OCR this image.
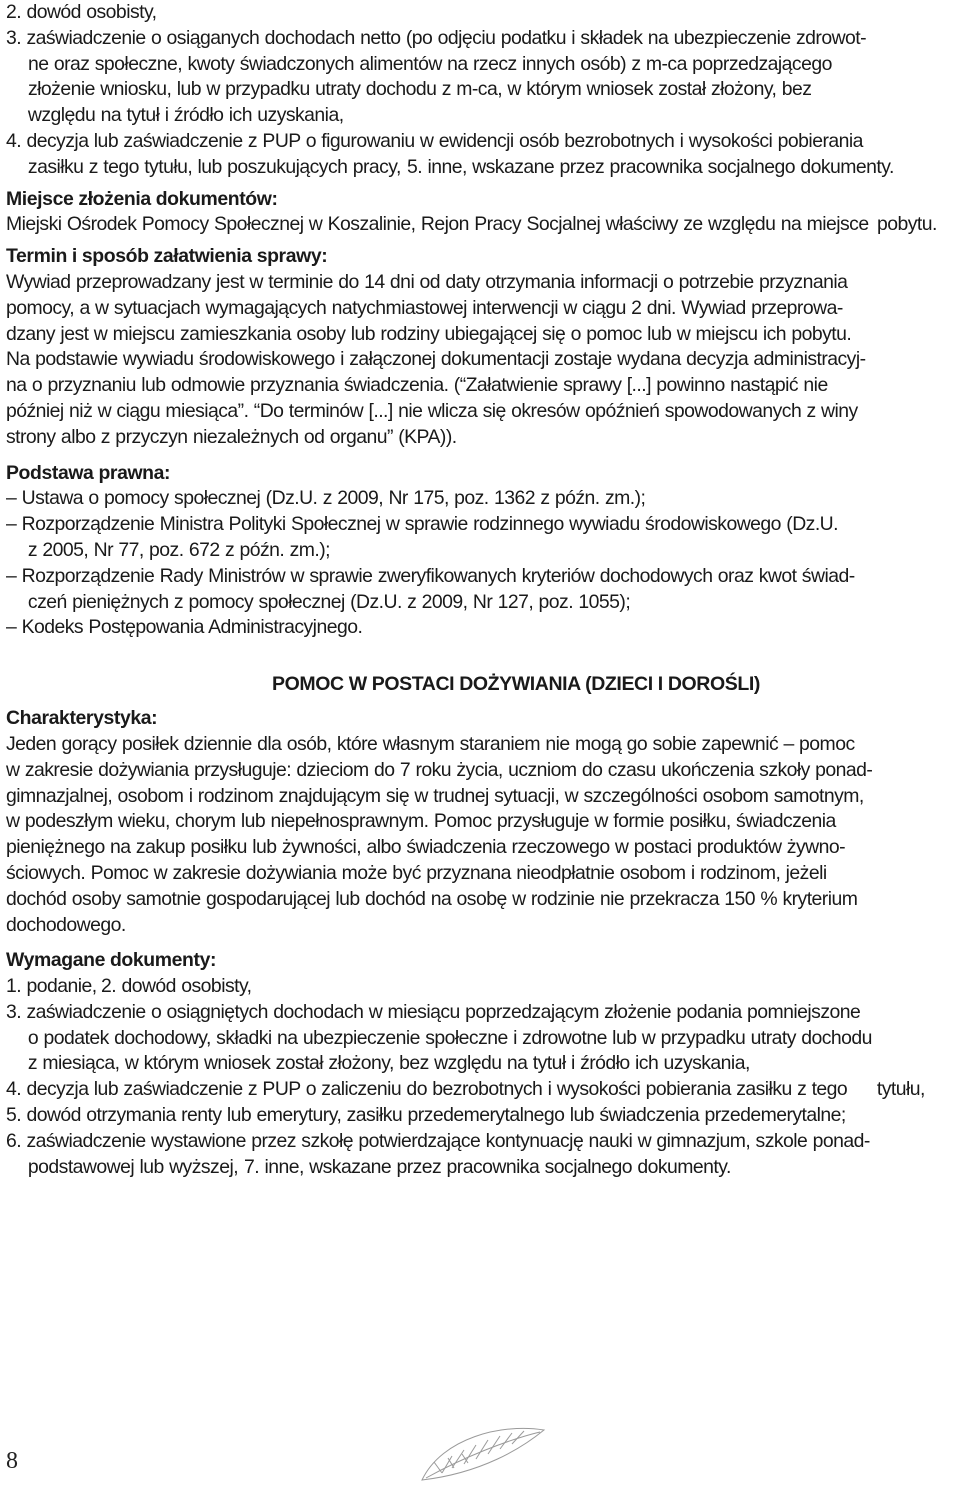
2. dowód osobisty,
3. zaświadczenie o osiąganych dochodach netto (po odjęciu podatku i składek na ubezpieczenie zdrowot-
ne oraz społeczne, kwoty świadczonych alimentów na rzecz innych osób) z m-ca poprzedzającego
złożenie wniosku, lub w przypadku utraty dochodu z m-ca, w którym wniosek został złożony, bez
względu na tytuł i źródło ich uzyskania,
4. decyzja lub zaświadczenie z PUP o figurowaniu w ewidencji osób bezrobotnych i wysokości pobierania
zasiłku z tego tytułu, lub poszukujących pracy, 5. inne, wskazane przez pracownika socjalnego dokumenty.
Miejsce złożenia dokumentów: Miejski Ośrodek Pomocy Społecznej w Koszalinie, Rejon Pracy Socjalnej właściwy ze względu na miejsce pobytu.
Termin i sposób załatwienia sprawy:
Wywiad przeprowadzany jest w terminie do 14 dni od daty otrzymania informacji o potrzebie przyznania pomocy, a w sytuacjach wymagających natychmiastowej interwencji w ciągu 2 dni. Wywiad przeprowa- dzany jest w miejscu zamieszkania osoby lub rodziny ubiegającej się o pomoc lub w miejscu ich pobytu. Na podstawie wywiadu środowiskowego i załączonej dokumentacji zostaje wydana decyzja administracyj- na o przyznaniu lub odmowie przyznania świadczenia. (“Załatwienie sprawy [...] powinno nastąpić nie później niż w ciągu miesiąca”. “Do terminów [...] nie wlicza się okresów opóźnień spowodowanych z winy strony albo z przyczyn niezależnych od organu” (KPA)).
Podstawa prawna:
– Ustawa o pomocy społecznej (Dz.U. z 2009, Nr 175, poz. 1362 z późn. zm.); – Rozporządzenie Ministra Polityki Społecznej w sprawie rodzinnego wywiadu środowiskowego (Dz.U. z 2005, Nr 77, poz. 672 z późn. zm.); – Rozporządzenie Rady Ministrów w sprawie zweryfikowanych kryteriów dochodowych oraz kwot świad- czeń pieniężnych z pomocy społecznej (Dz.U. z 2009, Nr 127, poz. 1055); – Kodeks Postępowania Administracyjnego.
POMOC W POSTACI DOŻYWIANIA (DZIECI I DOROŚLI)
Charakterystyka:
Jeden gorący posiłek dziennie dla osób, które własnym staraniem nie mogą go sobie zapewnić – pomoc w zakresie dożywiania przysługuje: dzieciom do 7 roku życia, uczniom do czasu ukończenia szkoły ponad- gimnazjalnej, osobom i rodzinom znajdującym się w trudnej sytuacji, w szczególności osobom samotnym, w podeszłym wieku, chorym lub niepełnosprawnym. Pomoc przysługuje w formie posiłku, świadczenia pieniężnego na zakup posiłku lub żywności, albo świadczenia rzeczowego w postaci produktów żywno- ściowych. Pomoc w zakresie dożywiania może być przyznana nieodpłatnie osobom i rodzinom, jeżeli dochód osoby samotnie gospodarującej lub dochód na osobę w rodzinie nie przekracza 150 % kryterium dochodowego.
Wymagane dokumenty:
1. podanie, 2. dowód osobisty, 3. zaświadczenie o osiągniętych dochodach w miesiącu poprzedzającym złożenie podania pomniejszone o podatek dochodowy, składki na ubezpieczenie społeczne i zdrowotne lub w przypadku utraty dochodu z miesiąca, w którym wniosek został złożony, bez względu na tytuł i źródło ich uzyskania, 4. decyzja lub zaświadczenie z PUP o zaliczeniu do bezrobotnych i wysokości pobierania zasiłku z tego tytułu, 5. dowód otrzymania renty lub emerytury, zasiłku przedemerytalnego lub świadczenia przedemerytalne; 6. zaświadczenie wystawione przez szkołę potwierdzające kontynuację nauki w gimnazjum, szkole ponad- podstawowej lub wyższej, 7. inne, wskazane przez pracownika socjalnego dokumenty.
8
